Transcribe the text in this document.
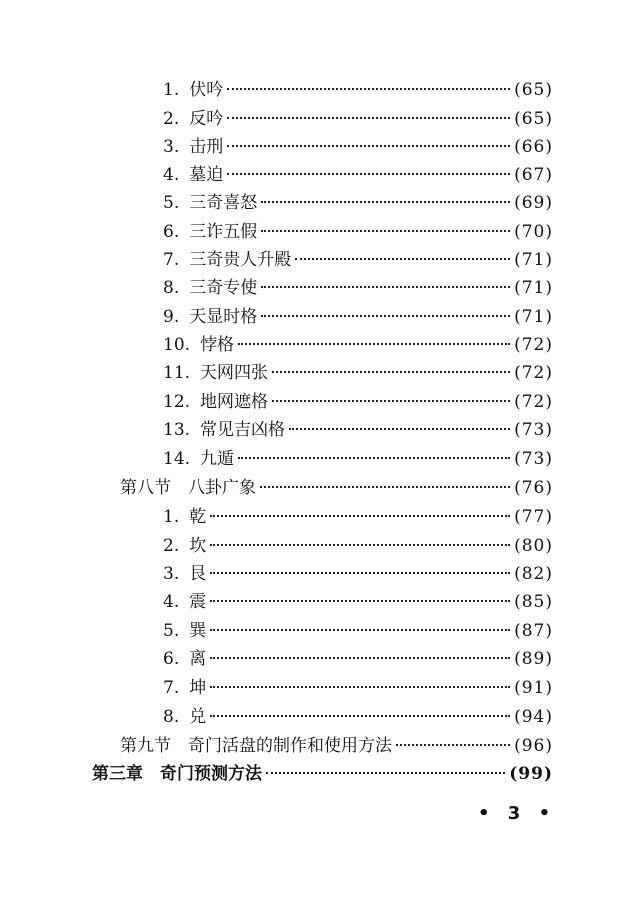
1. 伏吟	( 65 )
2. 反吟	( 65 )
3. 击刑	( 66 )
4. 墓迫	( 67 )
5. 三奇喜怒	( 69 )
6. 三诈五假	( 70 )
7. 三奇贵人升殿	( 71 )
8. 三奇专使	( 71 )
9. 天显时格	( 71 )
10. 悖格	( 72 )
11. 天网四张	( 72 )
12. 地网遮格	( 72 )
13. 常见吉凶格	( 73 )
14. 九遁	( 73 )
第八节　八卦广象	( 76 )
1. 乾	( 77 )
2. 坎	( 80 )
3. 艮	( 82 )
4. 震	( 85 )
5. 巽	( 87 )
6. 离	( 89 )
7. 坤	( 91 )
8. 兑	( 94 )
第九节　奇门活盘的制作和使用方法	( 96 )
第三章　奇门预测方法	( 99 )
• 3 •
